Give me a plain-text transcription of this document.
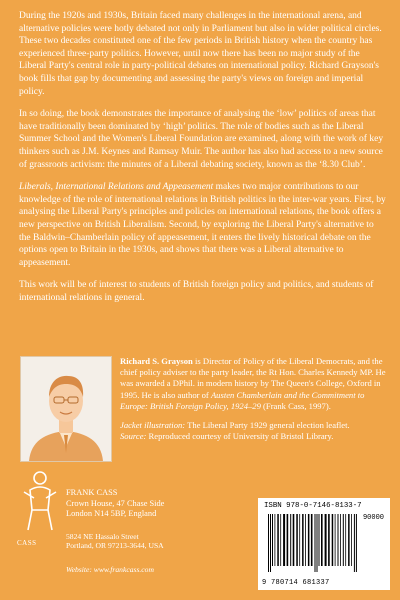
During the 1920s and 1930s, Britain faced many challenges in the international arena, and alternative policies were hotly debated not only in Parliament but also in wider political circles. These two decades constituted one of the few periods in British history when the country has experienced three-party politics. However, until now there has been no major study of the Liberal Party's central role in party-political debates on international policy. Richard Grayson's book fills that gap by documenting and assessing the party's views on foreign and imperial policy.

In so doing, the book demonstrates the importance of analysing the ‘low’ politics of areas that have traditionally been dominated by ‘high’ politics. The role of bodies such as the Liberal Summer School and the Women's Liberal Foundation are examined, along with the work of key thinkers such as J.M. Keynes and Ramsay Muir. The author has also had access to a new source of grassroots activism: the minutes of a Liberal debating society, known as the ‘8.30 Club’.

Liberals, International Relations and Appeasement makes two major contributions to our knowledge of the role of international relations in British politics in the inter-war years. First, by analysing the Liberal Party's principles and policies on international relations, the book offers a new perspective on British Liberalism. Second, by exploring the Liberal Party's alternative to the Baldwin–Chamberlain policy of appeasement, it enters the lively historical debate on the options open to Britain in the 1930s, and shows that there was a Liberal alternative to appeasement.

This work will be of interest to students of British foreign policy and politics, and students of international relations in general.

Richard S. Grayson is Director of Policy of the Liberal Democrats, and the chief policy adviser to the party leader, the Rt Hon. Charles Kennedy MP. He was awarded a DPhil. in modern history by The Queen's College, Oxford in 1995. He is also author of Austen Chamberlain and the Commitment to Europe: British Foreign Policy, 1924–29 (Frank Cass, 1997).

Jacket illustration: The Liberal Party 1929 general election leaflet.
Source: Reproduced courtesy of University of Bristol Library.

CASS
FRANK CASS
Crown House, 47 Chase Side
London N14 5BP, England
5824 NE Hassalo Street
Portland, OR 97213-3644, USA
Website: www.frankcass.com
ISBN 978-0-7146-8133-7
90000
9 780714 681337
